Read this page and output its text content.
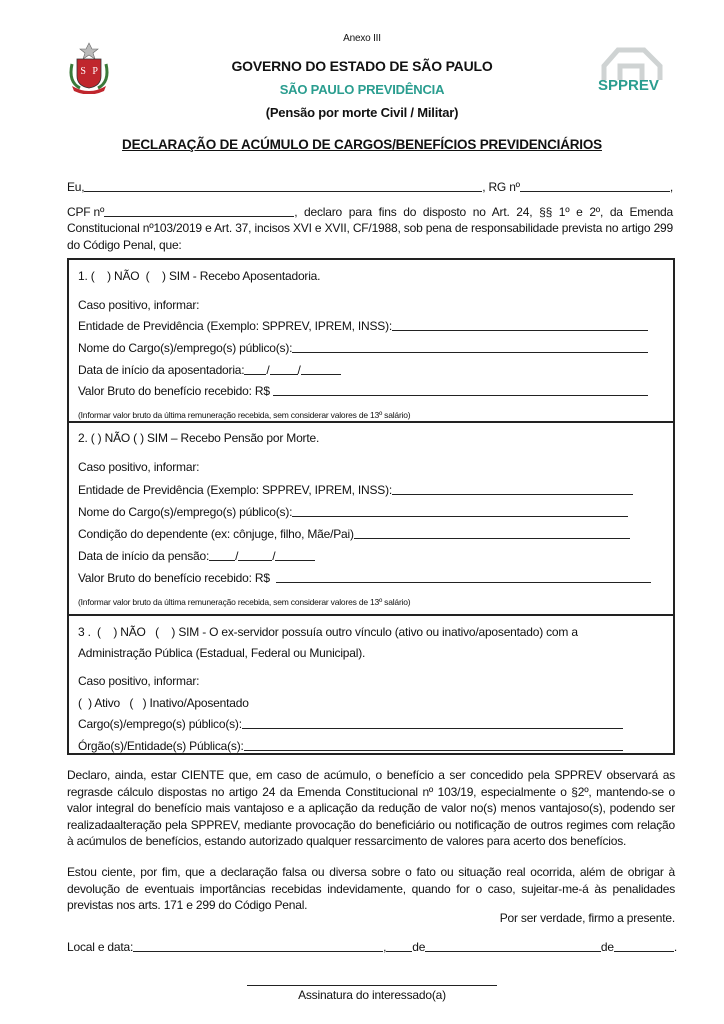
Anexo III
S P
SPPREV
GOVERNO DO ESTADO DE SÃO PAULO
SÃO PAULO PREVIDÊNCIA
(Pensão por morte Civil / Militar)
DECLARAÇÃO DE ACÚMULO DE CARGOS/BENEFÍCIOS PREVIDENCIÁRIOS
Eu,	, RG nº	,
CPF nº	, declaro para fins do disposto no Art. 24, §§ 1º e 2º, da Emenda
Constitucional nº103/2019 e Art. 37, incisos XVI e XVII, CF/1988, sob pena de responsabilidade prevista no artigo 299 do Código Penal, que:
1. (    ) NÃO  (    ) SIM - Recebo Aposentadoria.
Caso positivo, informar:
Entidade de Previdência (Exemplo: SPPREV, IPREM, INSS):
Nome do Cargo(s)/emprego(s) público(s):
Data de início da aposentadoria: / /
Valor Bruto do benefício recebido: R$

(Informar valor bruto da última remuneração recebida, sem considerar valores de 13º salário)
2. ( ) NÃO ( ) SIM – Recebo Pensão por Morte.
Caso positivo, informar:
Entidade de Previdência (Exemplo: SPPREV, IPREM, INSS):
Nome do Cargo(s)/emprego(s) público(s):
Condição do dependente (ex: cônjuge, filho, Mãe/Pai)
Data de início da pensão: /	/
Valor Bruto do benefício recebido: R$

(Informar valor bruto da última remuneração recebida, sem considerar valores de 13º salário)
3 .  (    ) NÃO   (    ) SIM - O ex-servidor possuía outro vínculo (ativo ou inativo/aposentado) com a
Administração Pública (Estadual, Federal ou Municipal).
Caso positivo, informar:
(  ) Ativo   (   ) Inativo/Aposentado
Cargo(s)/emprego(s) público(s):
Órgão(s)/Entidade(s) Pública(s):
Declaro, ainda, estar CIENTE que, em caso de acúmulo, o benefício a ser concedido pela SPPREV observará as regrasde cálculo dispostas no artigo 24 da Emenda Constitucional nº 103/19, especialmente o §2º, mantendo-se o valor integral do benefício mais vantajoso e a aplicação da redução de valor no(s) menos vantajoso(s), podendo ser realizadaalteração pela SPPREV, mediante provocação do beneficiário ou notificação de outros regimes com relação à acúmulos de benefícios, estando autorizado qualquer ressarcimento de valores para acerto dos benefícios.
Estou ciente, por fim, que a declaração falsa ou diversa sobre o fato ou situação real ocorrida, além de obrigar à devolução de eventuais importâncias recebidas indevidamente, quando for o caso, sujeitar-me-á às penalidades previstas nos arts. 171 e 299 do Código Penal.
Por ser verdade, firmo a presente.
Local e data:	, de	de	.
Assinatura do interessado(a)
